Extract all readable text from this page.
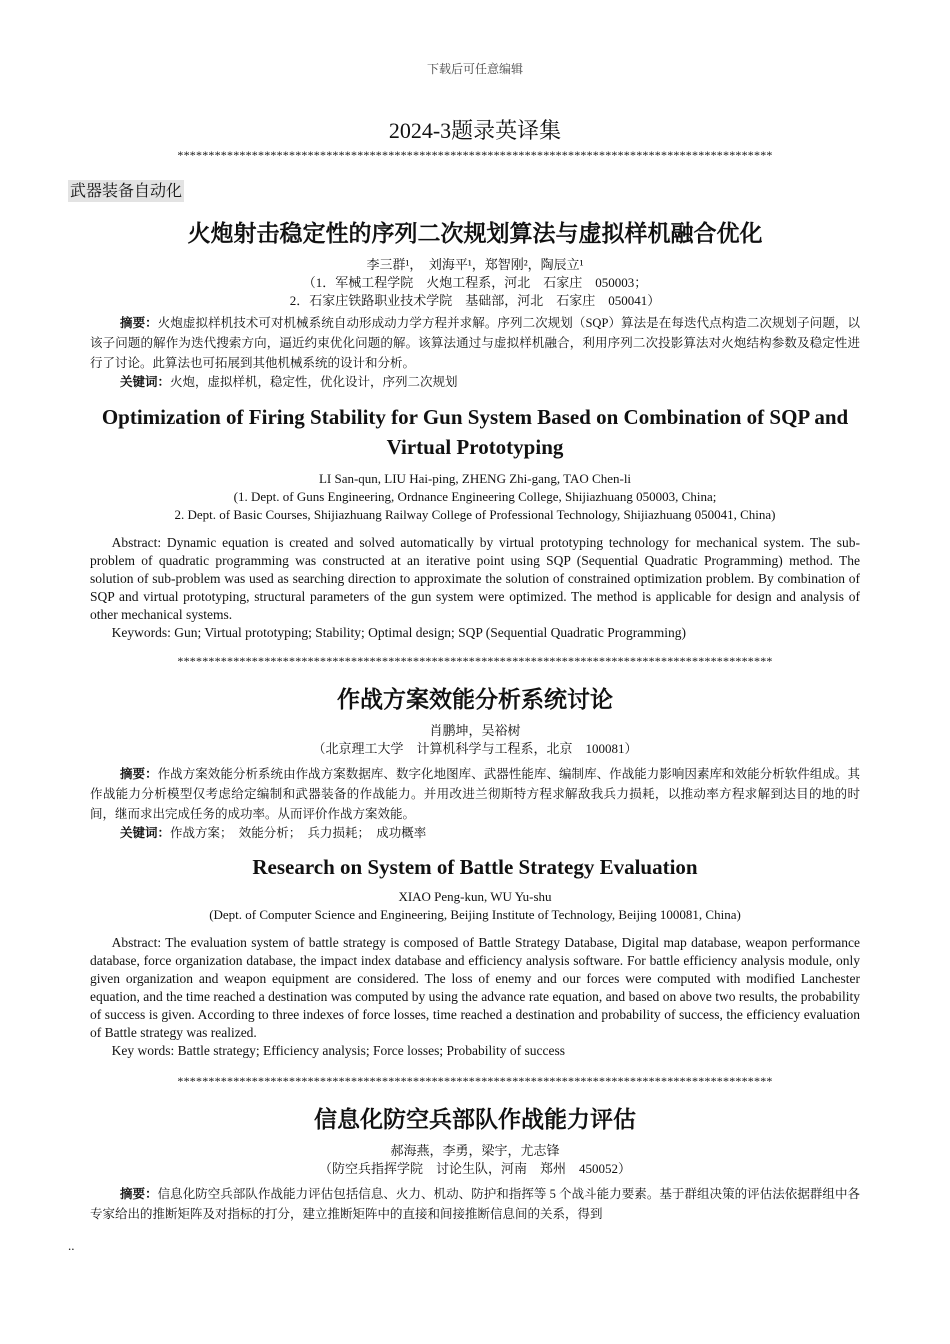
下载后可任意编辑
2024-3题录英译集
************************************************************************************************
武器装备自动化
火炮射击稳定性的序列二次规划算法与虚拟样机融合优化
李三群¹，　刘海平¹，郑智刚²，陶辰立¹
（1．军械工程学院　火炮工程系，河北　石家庄　050003；
2．石家庄铁路职业技术学院　基础部，河北　石家庄　050041）

摘要：火炮虚拟样机技术可对机械系统自动形成动力学方程并求解。序列二次规划（SQP）算法是在每迭代点构造二次规划子问题，以该子问题的解作为迭代搜索方向，逼近约束优化问题的解。该算法通过与虚拟样机融合，利用序列二次投影算法对火炮结构参数及稳定性进行了讨论。此算法也可拓展到其他机械系统的设计和分析。

关键词：火炮，虚拟样机，稳定性，优化设计，序列二次规划

Optimization of Firing Stability for Gun System Based on Combination of SQP and Virtual Prototyping
LI San-qun, LIU Hai-ping, ZHENG Zhi-gang, TAO Chen-li
(1. Dept. of Guns Engineering, Ordnance Engineering College, Shijiazhuang 050003, China;
2. Dept. of Basic Courses, Shijiazhuang Railway College of Professional Technology, Shijiazhuang 050041, China)

Abstract: Dynamic equation is created and solved automatically by virtual prototyping technology for mechanical system. The sub-problem of quadratic programming was constructed at an iterative point using SQP (Sequential Quadratic Programming) method. The solution of sub-problem was used as searching direction to approximate the solution of constrained optimization problem. By combination of SQP and virtual prototyping, structural parameters of the gun system were optimized. The method is applicable for design and analysis of other mechanical systems.

Keywords: Gun; Virtual prototyping; Stability; Optimal design; SQP (Sequential Quadratic Programming)

************************************************************************************************
作战方案效能分析系统讨论
肖鹏坤，吴裕树
（北京理工大学　计算机科学与工程系，北京　100081）

摘要：作战方案效能分析系统由作战方案数据库、数字化地图库、武器性能库、编制库、作战能力影响因素库和效能分析软件组成。其作战能力分析模型仅考虑给定编制和武器装备的作战能力。并用改进兰彻斯特方程求解敌我兵力损耗，以推动率方程求解到达目的地的时间，继而求出完成任务的成功率。从而评价作战方案效能。

关键词：作战方案；　效能分析；　兵力损耗；　成功概率

Research on System of Battle Strategy Evaluation
XIAO Peng-kun, WU Yu-shu
(Dept. of Computer Science and Engineering, Beijing Institute of Technology, Beijing 100081, China)

Abstract: The evaluation system of battle strategy is composed of Battle Strategy Database, Digital map database, weapon performance database, force organization database, the impact index database and efficiency analysis software. For battle efficiency analysis module, only given organization and weapon equipment are considered. The loss of enemy and our forces were computed with modified Lanchester equation, and the time reached a destination was computed by using the advance rate equation, and based on above two results, the probability of success is given. According to three indexes of force losses, time reached a destination and probability of success, the efficiency evaluation of Battle strategy was realized.

Key words: Battle strategy; Efficiency analysis; Force losses; Probability of success

************************************************************************************************
信息化防空兵部队作战能力评估
郝海燕，李勇，梁宇，尤志锋
（防空兵指挥学院　讨论生队，河南　郑州　450052）

摘要：信息化防空兵部队作战能力评估包括信息、火力、机动、防护和指挥等 5 个战斗能力要素。基于群组决策的评估法依据群组中各专家给出的推断矩阵及对指标的打分，建立推断矩阵中的直接和间接推断信息间的关系，得到

..
